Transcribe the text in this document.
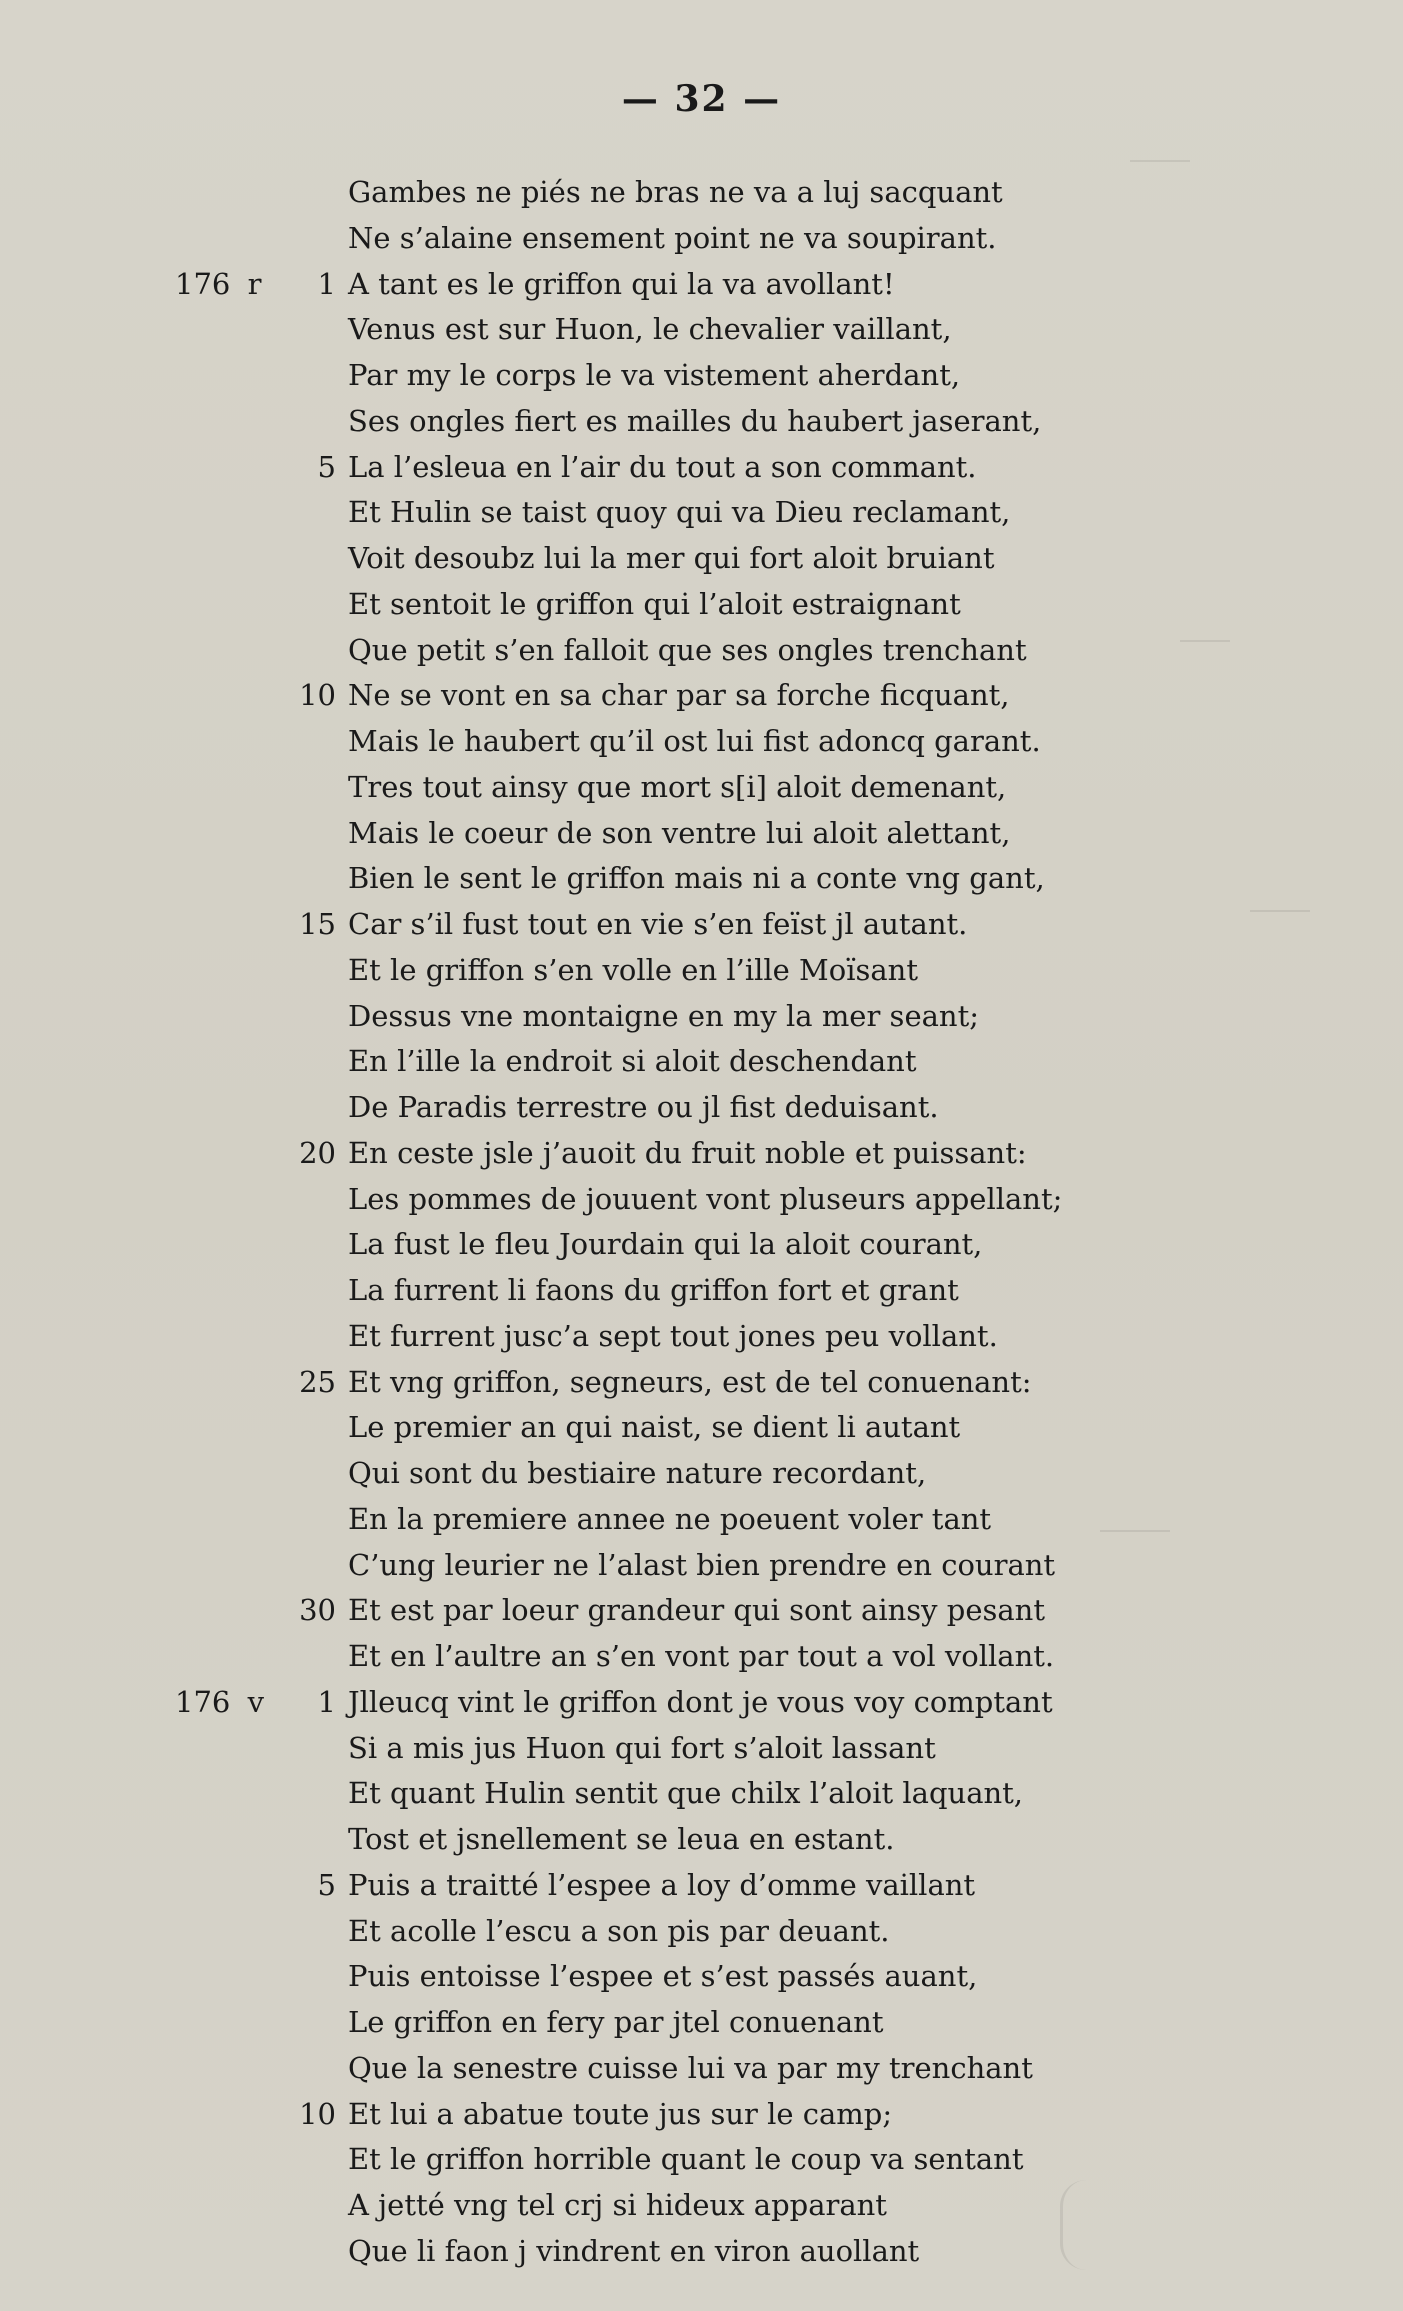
— 32 —
Gambes ne piés ne bras ne va a luj sacquant
Ne s’alaine ensement point ne va soupirant.
176 r	1 A tant es le griffon qui la va avollant!
Venus est sur Huon, le chevalier vaillant,
Par my le corps le va vistement aherdant,
Ses ongles fiert es mailles du haubert jaserant,
5 La l’esleua en l’air du tout a son commant.
Et Hulin se taist quoy qui va Dieu reclamant,
Voit desoubz lui la mer qui fort aloit bruiant
Et sentoit le griffon qui l’aloit estraignant
Que petit s’en falloit que ses ongles trenchant
10 Ne se vont en sa char par sa forche ficquant,
Mais le haubert qu’il ost lui fist adoncq garant.
Tres tout ainsy que mort s[i] aloit demenant,
Mais le coeur de son ventre lui aloit alettant,
Bien le sent le griffon mais ni a conte vng gant,
15 Car s’il fust tout en vie s’en feïst jl autant.
Et le griffon s’en volle en l’ille Moïsant
Dessus vne montaigne en my la mer seant;
En l’ille la endroit si aloit deschendant
De Paradis terrestre ou jl fist deduisant.
20 En ceste jsle j’auoit du fruit noble et puissant:
Les pommes de jouuent vont pluseurs appellant;
La fust le fleu Jourdain qui la aloit courant,
La furrent li faons du griffon fort et grant
Et furrent jusc’a sept tout jones peu vollant.
25 Et vng griffon, segneurs, est de tel conuenant:
Le premier an qui naist, se dient li autant
Qui sont du bestiaire nature recordant,
En la premiere annee ne poeuent voler tant
C’ung leurier ne l’alast bien prendre en courant
30 Et est par loeur grandeur qui sont ainsy pesant
Et en l’aultre an s’en vont par tout a vol vollant.
176 v	1 Jlleucq vint le griffon dont je vous voy comptant
Si a mis jus Huon qui fort s’aloit lassant
Et quant Hulin sentit que chilx l’aloit laquant,
Tost et jsnellement se leua en estant.
5 Puis a traitté l’espee a loy d’omme vaillant
Et acolle l’escu a son pis par deuant.
Puis entoisse l’espee et s’est passés auant,
Le griffon en fery par jtel conuenant
Que la senestre cuisse lui va par my trenchant
10 Et lui a abatue toute jus sur le camp;
Et le griffon horrible quant le coup va sentant
A jetté vng tel crj si hideux apparant
Que li faon j vindrent en viron auollant
